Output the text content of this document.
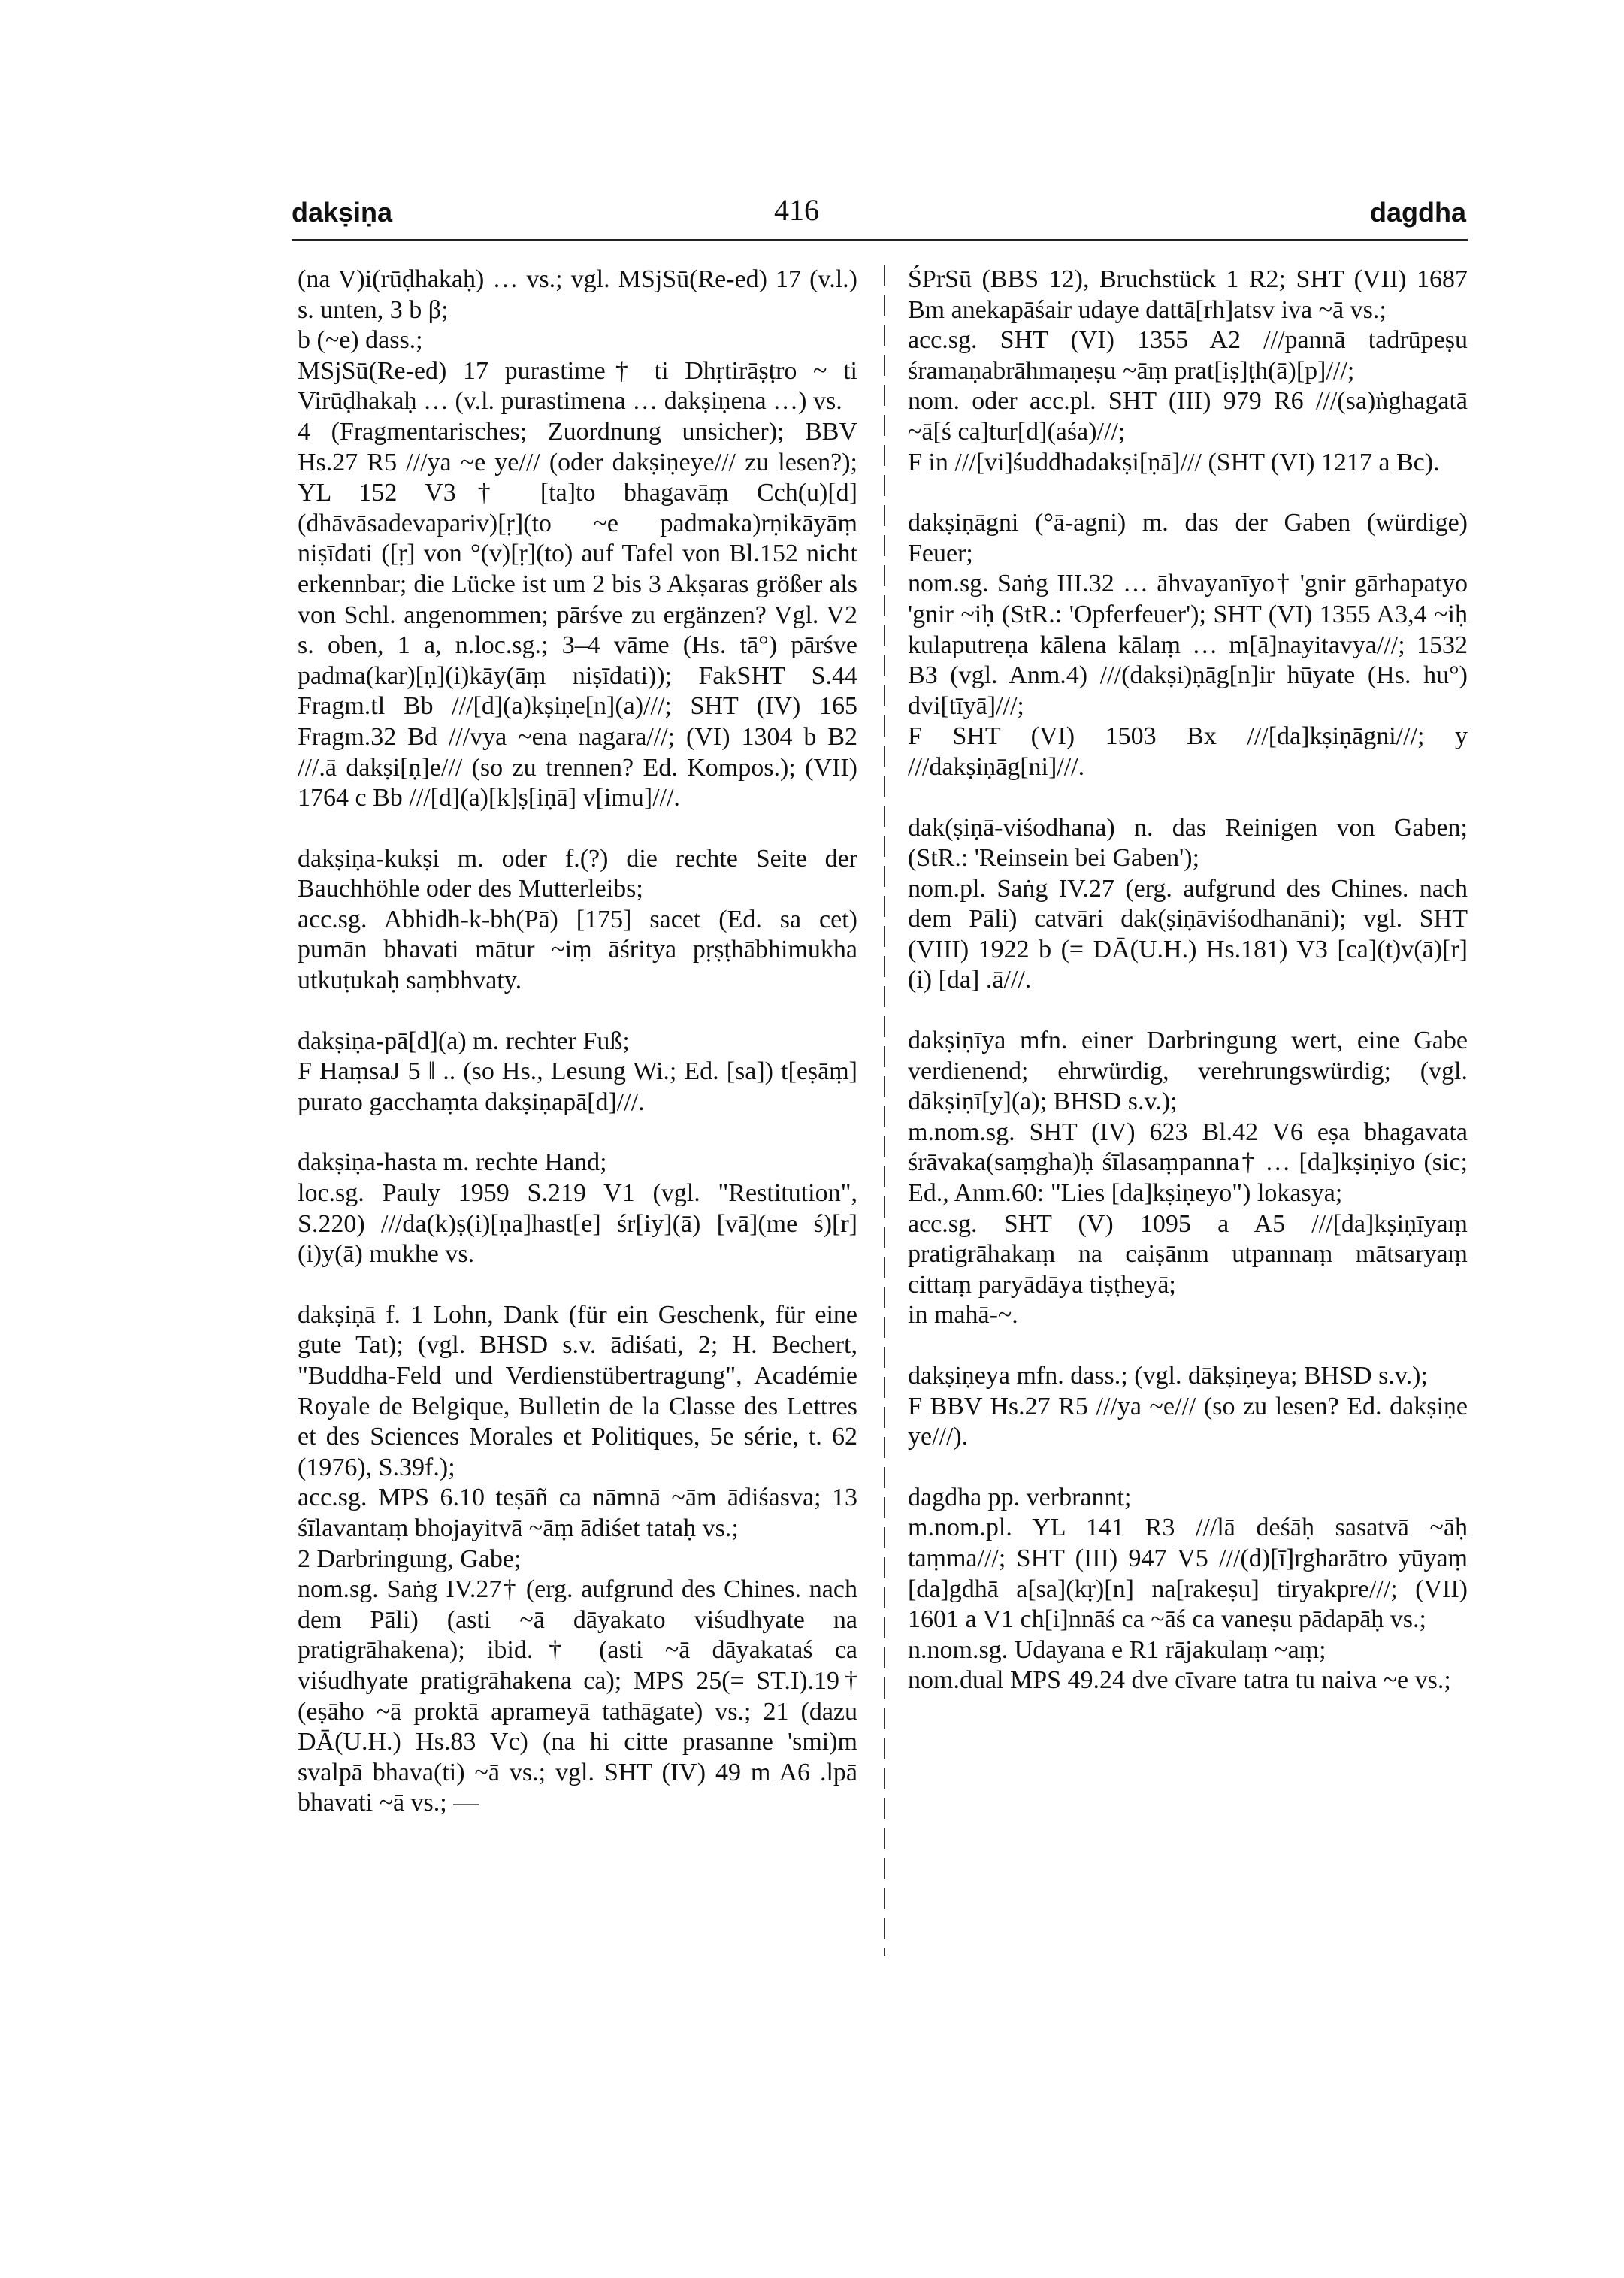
dakṣiṇa	416	dagdha

(na V)i(rūḍhakaḥ) … vs.; vgl. MSjSū(Re-ed) 17 (v.l.) s. unten, 3 b β;

b (~e) dass.;

MSjSū(Re-ed) 17 purastime† ti Dhṛtirāṣṭro ~ ti Virūḍhakaḥ … (v.l. purastimena … dakṣiṇena …) vs.

4 (Fragmentarisches; Zuordnung unsicher); BBV Hs.27 R5 ///ya ~e ye/// (oder dakṣiṇeye/// zu lesen?); YL 152 V3† [ta]to bhagavāṃ Cch(u)[d](dhāvāsadevapariv)[ṛ](to ~e padmaka)rṇikāyāṃ niṣīdati ([ṛ] von °(v)[ṛ](to) auf Tafel von Bl.152 nicht erkennbar; die Lücke ist um 2 bis 3 Akṣaras größer als von Schl. angenommen; pārśve zu ergänzen? Vgl. V2 s. oben, 1 a, n.loc.sg.; 3–4 vāme (Hs. tā°) pārśve padma(kar)[ṇ](i)kāy(āṃ niṣīdati)); FakSHT S.44 Fragm.tl Bb ///[d](a)kṣiṇe[n](a)///; SHT (IV) 165 Fragm.32 Bd ///vya ~ena nagara///; (VI) 1304 b B2 ///.ā dakṣi[ṇ]e/// (so zu trennen? Ed. Kompos.); (VII) 1764 c Bb ///[d](a)[k]ṣ[iṇā] v[imu]///.

dakṣiṇa-kukṣi m. oder f.(?) die rechte Seite der Bauchhöhle oder des Mutterleibs;

acc.sg. Abhidh-k-bh(Pā) [175] sacet (Ed. sa cet) pumān bhavati mātur ~iṃ āśritya pṛṣṭhābhimukha utkuṭukaḥ saṃbhvaty.

dakṣiṇa-pā[d](a) m. rechter Fuß;

F HaṃsaJ 5 ‖ .. (so Hs., Lesung Wi.; Ed. [sa]) t[eṣāṃ] purato gacchaṃta dakṣiṇapā[d]///.

dakṣiṇa-hasta m. rechte Hand;

loc.sg. Pauly 1959 S.219 V1 (vgl. "Restitution", S.220) ///da(k)ṣ(i)[ṇa]hast[e] śr[iy](ā) [vā](me ś)[r](i)y(ā) mukhe vs.

dakṣiṇā f. 1 Lohn, Dank (für ein Geschenk, für eine gute Tat); (vgl. BHSD s.v. ādiśati, 2; H. Bechert, "Buddha-Feld und Verdienstübertragung", Académie Royale de Belgique, Bulletin de la Classe des Lettres et des Sciences Morales et Politiques, 5e série, t. 62 (1976), S.39f.);

acc.sg. MPS 6.10 teṣāñ ca nāmnā ~ām ādiśasva; 13 śīlavantaṃ bhojayitvā ~āṃ ādiśet tataḥ vs.;

2 Darbringung, Gabe;

nom.sg. Saṅg IV.27† (erg. aufgrund des Chines. nach dem Pāli) (asti ~ā dāyakato viśudhyate na pratigrāhakena); ibid.† (asti ~ā dāyakataś ca viśudhyate pratigrāhakena ca); MPS 25(= ST.I).19† (eṣāho ~ā proktā aprameyā tathāgate) vs.; 21 (dazu DĀ(U.H.) Hs.83 Vc) (na hi citte prasanne 'smi)m svalpā bhava(ti) ~ā vs.; vgl. SHT (IV) 49 m A6 .lpā bhavati ~ā vs.; —

ŚPrSū (BBS 12), Bruchstück 1 R2; SHT (VII) 1687 Bm anekapāśair udaye dattā[rh]atsv iva ~ā vs.;

acc.sg. SHT (VI) 1355 A2 ///pannā tadrūpeṣu śramaṇabrāhmaṇeṣu ~āṃ prat[iṣ]ṭh(ā)[p]///;

nom. oder acc.pl. SHT (III) 979 R6 ///(sa)ṅghagatā ~ā[ś ca]tur[d](aśa)///;

F in ///[vi]śuddhadakṣi[ṇā]/// (SHT (VI) 1217 a Bc).

dakṣiṇāgni (°ā-agni) m. das der Gaben (würdige) Feuer;

nom.sg. Saṅg III.32 … āhvayanīyo† 'gnir gārhapatyo 'gnir ~iḥ (StR.: 'Opferfeuer'); SHT (VI) 1355 A3,4 ~iḥ kulaputreṇa kālena kālaṃ … m[ā]nayitavya///; 1532 B3 (vgl. Anm.4) ///(dakṣi)ṇāg[n]ir hūyate (Hs. hu°) dvi[tīyā]///;

F SHT (VI) 1503 Bx ///[da]kṣiṇāgni///; y ///dakṣiṇāg[ni]///.

dak(ṣiṇā-viśodhana) n. das Reinigen von Gaben; (StR.: 'Reinsein bei Gaben');

nom.pl. Saṅg IV.27 (erg. aufgrund des Chines. nach dem Pāli) catvāri dak(ṣiṇāviśodhanāni); vgl. SHT (VIII) 1922 b (= DĀ(U.H.) Hs.181) V3 [ca](t)v(ā)[r](i) [da] .ā///.

dakṣiṇīya mfn. einer Darbringung wert, eine Gabe verdienend; ehrwürdig, verehrungswürdig; (vgl. dākṣiṇī[y](a); BHSD s.v.);

m.nom.sg. SHT (IV) 623 Bl.42 V6 eṣa bhagavata śrāvaka(saṃgha)ḥ śīlasaṃpanna† … [da]kṣiṇiyo (sic; Ed., Anm.60: "Lies [da]kṣiṇeyo") lokasya;

acc.sg. SHT (V) 1095 a A5 ///[da]kṣiṇīyaṃ pratigrāhakaṃ na caiṣānm utpannaṃ mātsaryaṃ cittaṃ paryādāya tiṣṭheyā;

in mahā-~.

dakṣiṇeya mfn. dass.; (vgl. dākṣiṇeya; BHSD s.v.);

F BBV Hs.27 R5 ///ya ~e/// (so zu lesen? Ed. dakṣiṇe ye///).

dagdha pp. verbrannt;

m.nom.pl. YL 141 R3 ///lā deśāḥ sasatvā ~āḥ taṃma///; SHT (III) 947 V5 ///(d)[ī]rgharātro yūyaṃ [da]gdhā a[sa](kṛ)[n] na[rakeṣu] tiryakpre///; (VII) 1601 a V1 ch[i]nnāś ca ~āś ca vaneṣu pādapāḥ vs.;

n.nom.sg. Udayana e R1 rājakulaṃ ~aṃ;

nom.dual MPS 49.24 dve cīvare tatra tu naiva ~e vs.;
